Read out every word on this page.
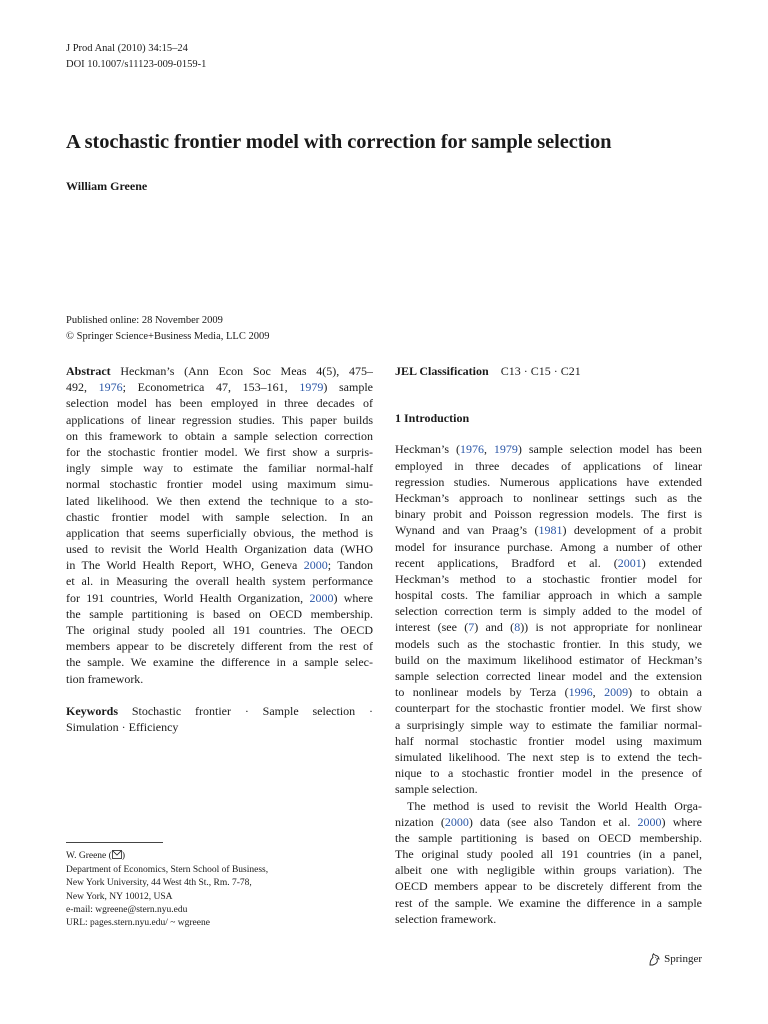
J Prod Anal (2010) 34:15–24
DOI 10.1007/s11123-009-0159-1
A stochastic frontier model with correction for sample selection
William Greene
Published online: 28 November 2009
© Springer Science+Business Media, LLC 2009
Abstract Heckman’s (Ann Econ Soc Meas 4(5), 475–
492, 1976; Econometrica 47, 153–161, 1979) sample
selection model has been employed in three decades of
applications of linear regression studies. This paper builds
on this framework to obtain a sample selection correction
for the stochastic frontier model. We first show a surpris-
ingly simple way to estimate the familiar normal-half
normal stochastic frontier model using maximum simu-
lated likelihood. We then extend the technique to a sto-
chastic frontier model with sample selection. In an
application that seems superficially obvious, the method is
used to revisit the World Health Organization data (WHO
in The World Health Report, WHO, Geneva 2000; Tandon
et al. in Measuring the overall health system performance
for 191 countries, World Health Organization, 2000) where
the sample partitioning is based on OECD membership.
The original study pooled all 191 countries. The OECD
members appear to be discretely different from the rest of
the sample. We examine the difference in a sample selec-
tion framework.
Keywords Stochastic frontier · Sample selection ·
Simulation · Efficiency
W. Greene ( )
Department of Economics, Stern School of Business,
New York University, 44 West 4th St., Rm. 7-78,
New York, NY 10012, USA
e-mail: wgreene@stern.nyu.edu
URL: pages.stern.nyu.edu/ ~ wgreene
JEL Classification C13 · C15 · C21
1 Introduction
Heckman’s (1976, 1979) sample selection model has been
employed in three decades of applications of linear
regression studies. Numerous applications have extended
Heckman’s approach to nonlinear settings such as the
binary probit and Poisson regression models. The first is
Wynand and van Praag’s (1981) development of a probit
model for insurance purchase. Among a number of other
recent applications, Bradford et al. (2001) extended
Heckman’s method to a stochastic frontier model for
hospital costs. The familiar approach in which a sample
selection correction term is simply added to the model of
interest (see (7) and (8)) is not appropriate for nonlinear
models such as the stochastic frontier. In this study, we
build on the maximum likelihood estimator of Heckman’s
sample selection corrected linear model and the extension
to nonlinear models by Terza (1996, 2009) to obtain a
counterpart for the stochastic frontier model. We first show
a surprisingly simple way to estimate the familiar normal-
half normal stochastic frontier model using maximum
simulated likelihood. The next step is to extend the tech-
nique to a stochastic frontier model in the presence of
sample selection.
The method is used to revisit the World Health Orga-
nization (2000) data (see also Tandon et al. 2000) where
the sample partitioning is based on OECD membership.
The original study pooled all 191 countries (in a panel,
albeit one with negligible within groups variation). The
OECD members appear to be discretely different from the
rest of the sample. We examine the difference in a sample
selection framework.
Springer
